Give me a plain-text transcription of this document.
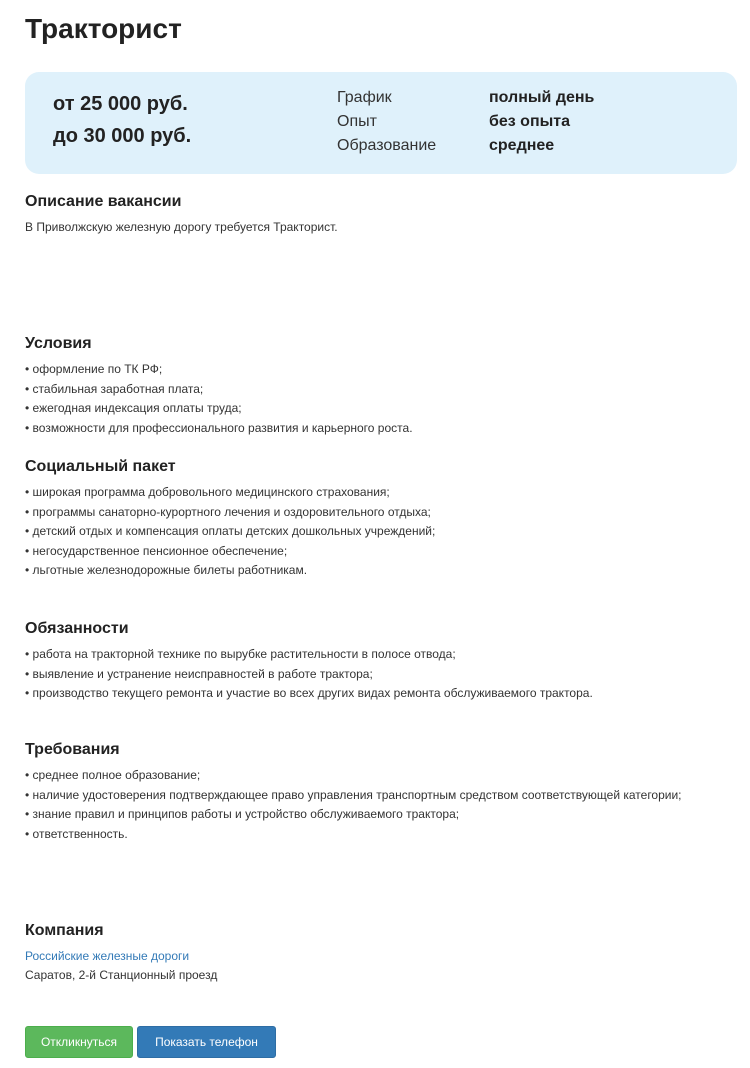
Тракторист
от 25 000 руб.
до 30 000 руб.
График	полный день
Опыт	без опыта
Образование	среднее
Описание вакансии

В Приволжскую железную дорогу требуется Тракторист.

Условия
• оформление по ТК РФ;
• стабильная заработная плата;
• ежегодная индексация оплаты труда;
• возможности для профессионального развития и карьерного роста.
Социальный пакет
• широкая программа добровольного медицинского страхования;
• программы санаторно-курортного лечения и оздоровительного отдыха;
• детский отдых и компенсация оплаты детских дошкольных учреждений;
• негосударственное пенсионное обеспечение;
• льготные железнодорожные билеты работникам.
Обязанности
• работа на тракторной технике по вырубке растительности в полосе отвода;
• выявление и устранение неисправностей в работе трактора;
• производство текущего ремонта и участие во всех других видах ремонта обслуживаемого трактора.
Требования
• среднее полное образование;
• наличие удостоверения подтверждающее право управления транспортным средством соответствующей категории;
• знание правил и принципов работы и устройство обслуживаемого трактора;
• ответственность.
Компания
Российские железные дороги
Саратов, 2-й Станционный проезд
Откликнуться	Показать телефон
